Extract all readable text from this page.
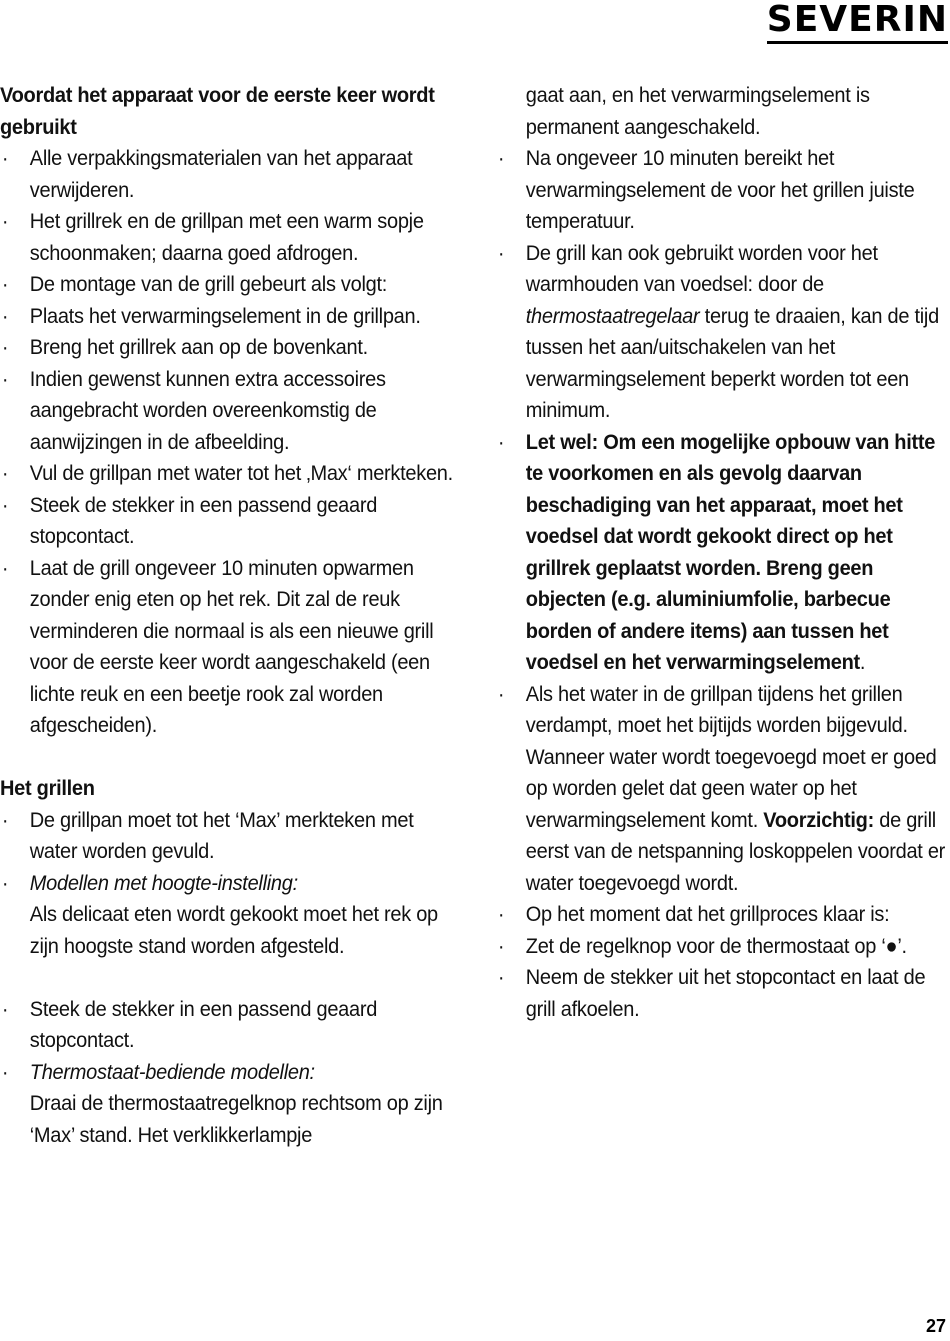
SEVERIN

Voordat het apparaat voor de eerste keer wordt gebruikt

· Alle verpakkingsmaterialen van het apparaat verwijderen.

· Het grillrek en de grillpan met een warm sopje schoonmaken; daarna goed afdrogen.

· De montage van de grill gebeurt als volgt:

· Plaats het verwarmingselement in de grillpan.

· Breng het grillrek aan op de bovenkant.

· Indien gewenst kunnen extra accessoires aangebracht worden overeenkomstig de aanwijzingen in de afbeelding.

· Vul de grillpan met water tot het ‚Max‘ merkteken.

· Steek de stekker in een passend geaard stopcontact.

· Laat de grill ongeveer 10 minuten opwarmen zonder enig eten op het rek. Dit zal de reuk verminderen die normaal is als een nieuwe grill voor de eerste keer wordt aangeschakeld (een lichte reuk en een beetje rook zal worden afgescheiden).

Het grillen

· De grillpan moet tot het ‘Max’ merkteken met water worden gevuld.

· Modellen met hoogte-instelling:

Als delicaat eten wordt gekookt moet het rek op zijn hoogste stand worden afgesteld.

· Steek de stekker in een passend geaard stopcontact.

· Thermostaat-bediende modellen:

Draai de thermostaatregelknop rechtsom op zijn ‘Max’ stand. Het verklikkerlampje

gaat aan, en het verwarmingselement is permanent aangeschakeld.

· Na ongeveer 10 minuten bereikt het verwarmingselement de voor het grillen juiste temperatuur.

· De grill kan ook gebruikt worden voor het warmhouden van voedsel: door de thermostaatregelaar terug te draaien, kan de tijd tussen het aan/uitschakelen van het verwarmingselement beperkt worden tot een minimum.

· Let wel: Om een mogelijke opbouw van hitte te voorkomen en als gevolg daarvan beschadiging van het apparaat, moet het voedsel dat wordt gekookt direct op het grillrek geplaatst worden. Breng geen objecten (e.g. aluminiumfolie, barbecue borden of andere items) aan tussen het voedsel en het verwarmingselement.

· Als het water in de grillpan tijdens het grillen verdampt, moet het bijtijds worden bijgevuld. Wanneer water wordt toegevoegd moet er goed op worden gelet dat geen water op het verwarmingselement komt. Voorzichtig: de grill eerst van de netspanning loskoppelen voordat er water toegevoegd wordt.

· Op het moment dat het grillproces klaar is:

· Zet de regelknop voor de thermostaat op ‘●’.

· Neem de stekker uit het stopcontact en laat de grill afkoelen.

27
